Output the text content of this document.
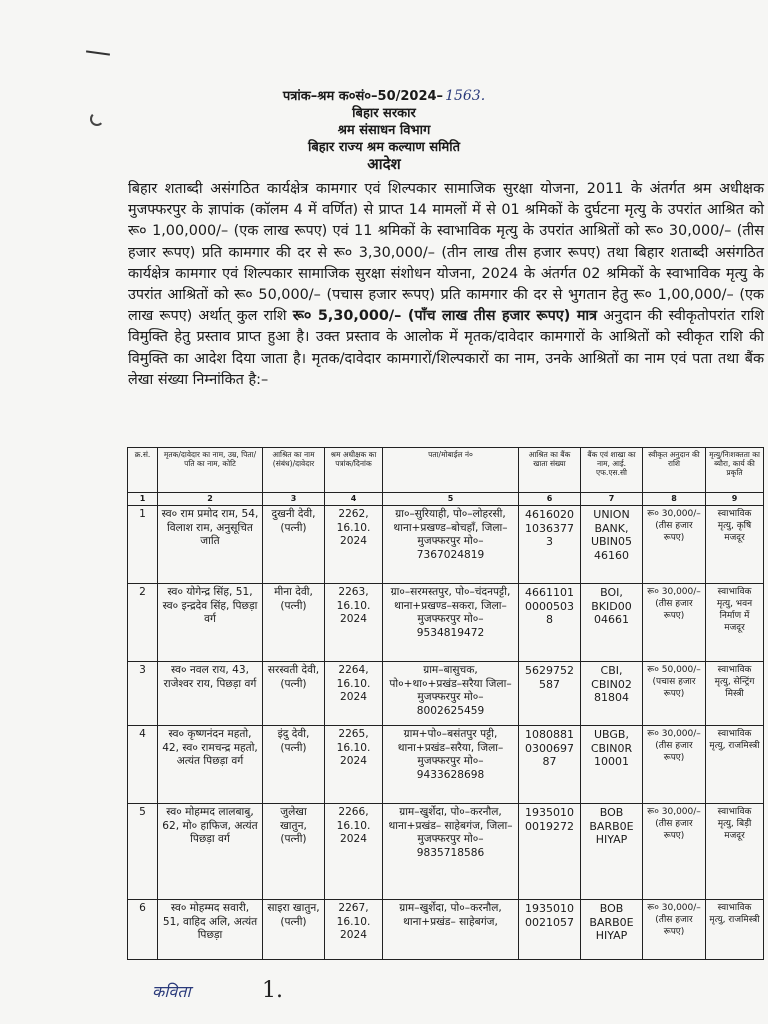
पत्रांक–श्रम क०सं०–50/2024– 1563.
बिहार सरकार
श्रम संसाधन विभाग
बिहार राज्य श्रम कल्याण समिति
आदेश
बिहार शताब्दी असंगठित कार्यक्षेत्र कामगार एवं शिल्पकार सामाजिक सुरक्षा योजना, 2011 के अंतर्गत श्रम अधीक्षक मुजफ्फरपुर के ज्ञापांक (कॉलम 4 में वर्णित) से प्राप्त 14 मामलों में से 01 श्रमिकों के दुर्घटना मृत्यु के उपरांत आश्रित को रू० 1,00,000/– (एक लाख रूपए) एवं 11 श्रमिकों के स्वाभाविक मृत्यु के उपरांत आश्रितों को रू० 30,000/– (तीस हजार रूपए) प्रति कामगार की दर से रू० 3,30,000/– (तीन लाख तीस हजार रूपए) तथा बिहार शताब्दी असंगठित कार्यक्षेत्र कामगार एवं शिल्पकार सामाजिक सुरक्षा संशोधन योजना, 2024 के अंतर्गत 02 श्रमिकों के स्वाभाविक मृत्यु के उपरांत आश्रितों को रू० 50,000/– (पचास हजार रूपए) प्रति कामगार की दर से भुगतान हेतु रू० 1,00,000/– (एक लाख रूपए) अर्थात् कुल राशि रू० 5,30,000/– (पाँच लाख तीस हजार रूपए) मात्र अनुदान की स्वीकृतोपरांत राशि विमुक्ति हेतु प्रस्ताव प्राप्त हुआ है। उक्त प्रस्ताव के आलोक में मृतक/दावेदार कामगारों के आश्रितों को स्वीकृत राशि की विमुक्ति का आदेश दिया जाता है। मृतक/दावेदार कामगारों/शिल्पकारों का नाम, उनके आश्रितों का नाम एवं पता तथा बैंक लेखा संख्या निम्नांकित है:–
क्र.सं.	मृतक/दावेदार का नाम, उम्र, पिता/पति का नाम, कोटि	आश्रित का नाम (संबंध)/दावेदार	श्रम अधीक्षक का पत्रांक/दिनांक	पता/मोबाईल नं०	आश्रित का बैंक खाता संख्या	बैंक एवं शाखा का नाम, आई. एफ.एस.सी	स्वीकृत अनुदान की राशि	मृत्यु/निःशक्तता का ब्यौरा, कार्य की प्रकृति
1	2	3	4	5	6	7	8	9
1	स्व० राम प्रमोद राम, 54, विलाश राम, अनुसूचित जाति	दुखनी देवी, (पत्नी)	2262, 16.10. 2024	ग्रा०–सुरियाही, पो०–लोहरसी, थाना+प्रखण्ड–बोचहाँ, जिला–मुजफ्फरपुर मो०–7367024819	4616020 1036377 3	UNION BANK, UBIN05 46160	रू० 30,000/– (तीस हजार रूपए)	स्वाभाविक मृत्यु, कृषि मजदूर
2	स्व० योगेन्द्र सिंह, 51, स्व० इन्द्रदेव सिंह, पिछड़ा वर्ग	मीना देवी, (पत्नी)	2263, 16.10. 2024	ग्रा०–सरमस्तपुर, पो०–चंदनपट्टी, थाना+प्रखण्ड–सकरा, जिला–मुजफ्फरपुर मो०–9534819472	4661101 0000503 8	BOI, BKID00 04661	रू० 30,000/– (तीस हजार रूपए)	स्वाभाविक मृत्यु, भवन निर्माण में मजदूर
3	स्व० नवल राय, 43, राजेश्वर राय, पिछड़ा वर्ग	सरस्वती देवी, (पत्नी)	2264, 16.10. 2024	ग्राम–बासुचक, पो०+था०+प्रखंड–सरैया जिला–मुजफ्फरपुर मो०–8002625459	5629752 587	CBI, CBIN02 81804	रू० 50,000/– (पचास हजार रूपए)	स्वाभाविक मृत्यु, सेन्ट्रिंग मिस्त्री
4	स्व० कृष्णनंदन महतो, 42, स्व० रामचन्द्र महतो, अत्यंत पिछड़ा वर्ग	इंदु देवी, (पत्नी)	2265, 16.10. 2024	ग्राम+पो०–बसंतपुर पट्टी, थाना+प्रखंड–सरैया, जिला–मुजफ्फरपुर मो०–9433628698	1080881 0300697 87	UBGB, CBIN0R 10001	रू० 30,000/– (तीस हजार रूपए)	स्वाभाविक मृत्यु, राजमिस्त्री
5	स्व० मोहम्मद लालबाबु, 62, मो० हाफिज, अत्यंत पिछड़ा वर्ग	जुलेखा खातुन, (पत्नी)	2266, 16.10. 2024	ग्राम–खुर्शेदा, पो०–करनौल, थाना+प्रखंड– साहेबगंज, जिला–मुजफ्फरपुर मो०–9835718586	1935010 0019272	BOB BARB0E HIYAP	रू० 30,000/– (तीस हजार रूपए)	स्वाभाविक मृत्यु, बिड़ी मजदूर
6	स्व० मोहम्मद सवारी, 51, वाहिद अलि, अत्यंत पिछड़ा	साइरा खातुन, (पत्नी)	2267, 16.10. 2024	ग्राम–खुर्शेदा, पो०–करनौल, थाना+प्रखंड– साहेबगंज,	1935010 0021057	BOB BARB0E HIYAP	रू० 30,000/– (तीस हजार रूपए)	स्वाभाविक मृत्यु, राजमिस्त्री
कविता	1.
